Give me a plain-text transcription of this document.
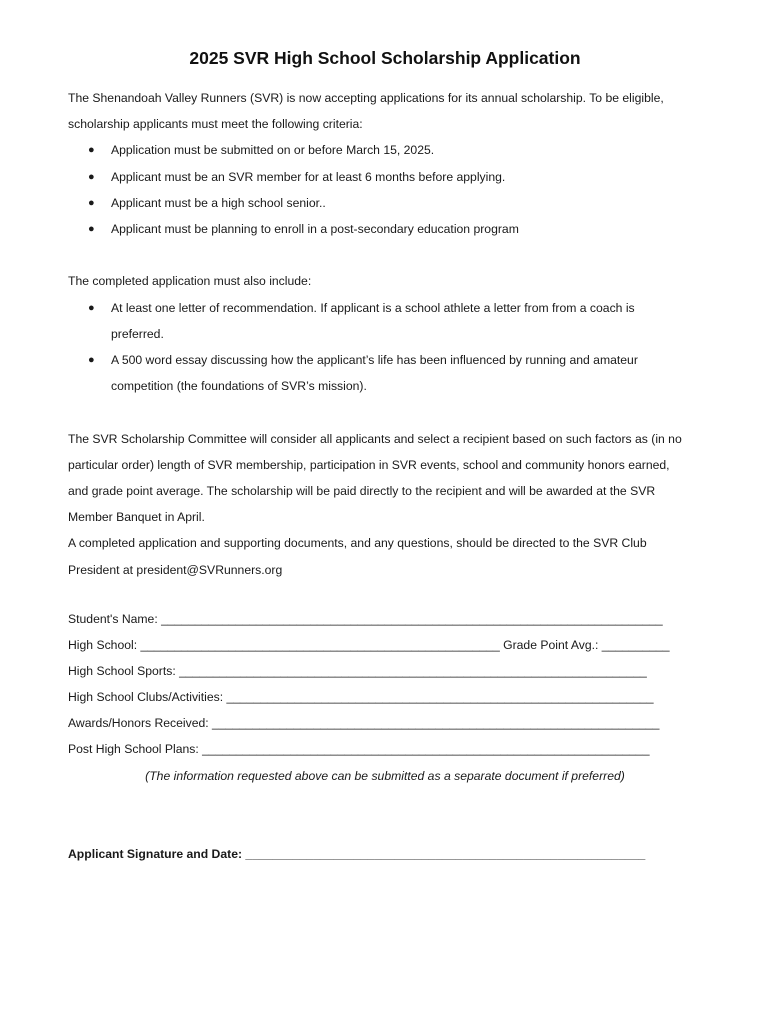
2025 SVR High School Scholarship Application

The Shenandoah Valley Runners (SVR) is now accepting applications for its annual scholarship. To be eligible,

scholarship applicants must meet the following criteria:

● Application must be submitted on or before March 15, 2025.
● Applicant must be an SVR member for at least 6 months before applying.
● Applicant must be a high school senior..
● Applicant must be planning to enroll in a post-secondary education program

The completed application must also include:

● At least one letter of recommendation. If applicant is a school athlete a letter from from a coach is
preferred.
● A 500 word essay discussing how the applicant’s life has been influenced by running and amateur
competition (the foundations of SVR’s mission).

The SVR Scholarship Committee will consider all applicants and select a recipient based on such factors as (in no

particular order) length of SVR membership, participation in SVR events, school and community honors earned,

and grade point average. The scholarship will be paid directly to the recipient and will be awarded at the SVR

Member Banquet in April.

A completed application and supporting documents, and any questions, should be directed to the SVR Club

President at president@SVRunners.org

Student's Name: __________________________________________________________________________
High School: _____________________________________________________ Grade Point Avg.: __________
High School Sports: _____________________________________________________________________
High School Clubs/Activities: _______________________________________________________________
Awards/Honors Received: __________________________________________________________________
Post High School Plans: __________________________________________________________________
(The information requested above can be submitted as a separate document if preferred)
Applicant Signature and Date: ___________________________________________________________
